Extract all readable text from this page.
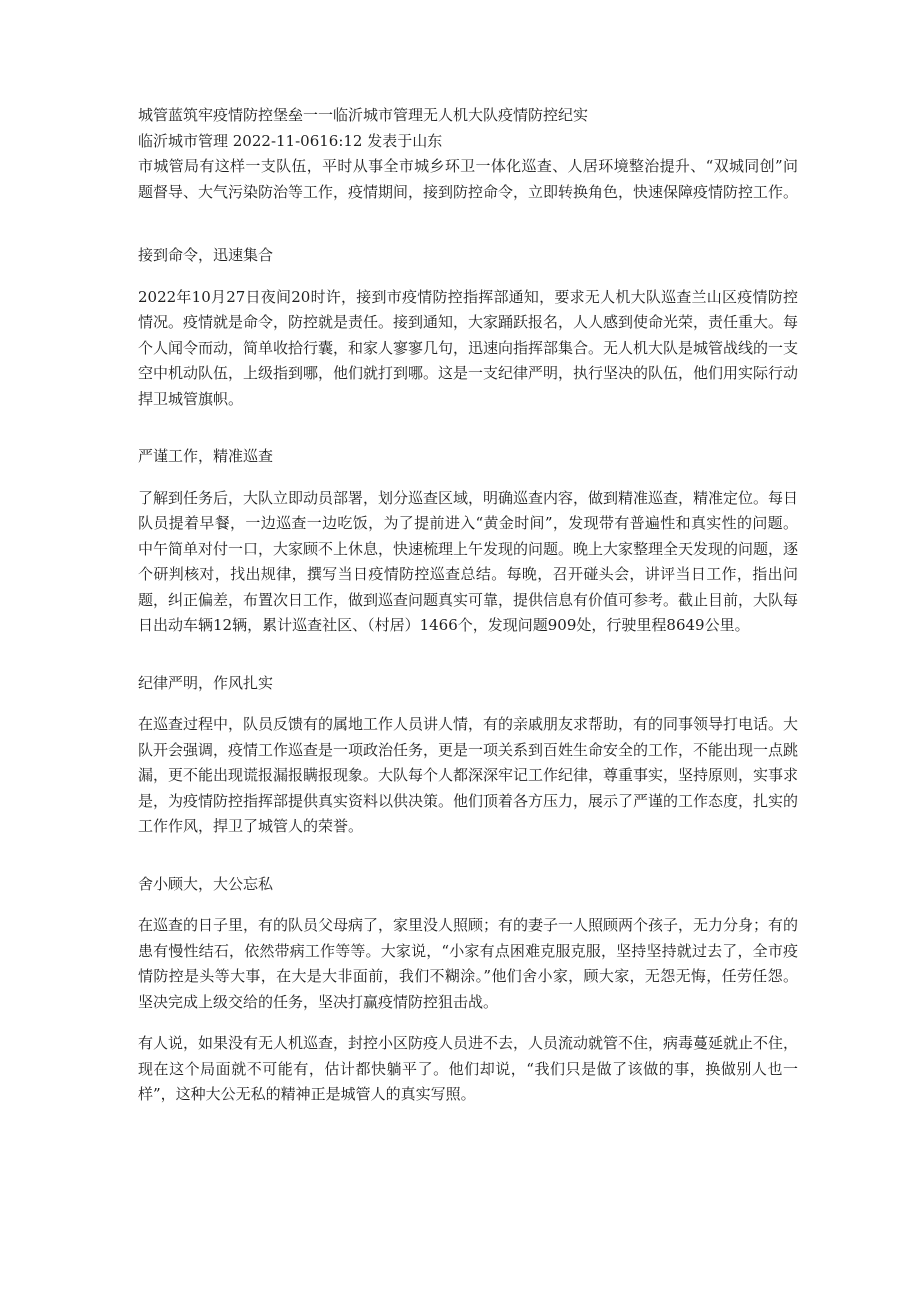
城管蓝筑牢疫情防控堡垒一一临沂城市管理无人机大队疫情防控纪实

临沂城市管理 2022-11-0616:12 发表于山东

市城管局有这样一支队伍，平时从事全市城乡环卫一体化巡查、人居环境整治提升、“双城同创”问题督导、大气污染防治等工作，疫情期间，接到防控命令，立即转换角色，快速保障疫情防控工作。

接到命令，迅速集合

2022年10月27日夜间20时许，接到市疫情防控指挥部通知，要求无人机大队巡查兰山区疫情防控情况。疫情就是命令，防控就是责任。接到通知，大家踊跃报名，人人感到使命光荣，责任重大。每个人闻令而动，简单收拾行囊，和家人寥寥几句，迅速向指挥部集合。无人机大队是城管战线的一支空中机动队伍，上级指到哪，他们就打到哪。这是一支纪律严明，执行坚决的队伍，他们用实际行动捍卫城管旗帜。

严谨工作，精准巡查

了解到任务后，大队立即动员部署，划分巡查区域，明确巡查内容，做到精准巡查，精准定位。每日队员提着早餐，一边巡查一边吃饭，为了提前进入“黄金时间”，发现带有普遍性和真实性的问题。中午简单对付一口，大家顾不上休息，快速梳理上午发现的问题。晚上大家整理全天发现的问题，逐个研判核对，找出规律，撰写当日疫情防控巡查总结。每晚，召开碰头会，讲评当日工作，指出问题，纠正偏差，布置次日工作，做到巡查问题真实可靠，提供信息有价值可参考。截止目前，大队每日出动车辆12辆，累计巡查社区、（村居）1466个，发现问题909处，行驶里程8649公里。

纪律严明，作风扎实

在巡查过程中，队员反馈有的属地工作人员讲人情，有的亲戚朋友求帮助，有的同事领导打电话。大队开会强调，疫情工作巡查是一项政治任务，更是一项关系到百姓生命安全的工作，不能出现一点跳漏，更不能出现谎报漏报瞒报现象。大队每个人都深深牢记工作纪律，尊重事实，坚持原则，实事求是，为疫情防控指挥部提供真实资料以供决策。他们顶着各方压力，展示了严谨的工作态度，扎实的工作作风，捍卫了城管人的荣誉。

舍小顾大，大公忘私

在巡查的日子里，有的队员父母病了，家里没人照顾；有的妻子一人照顾两个孩子，无力分身；有的患有慢性结石，依然带病工作等等。大家说，“小家有点困难克服克服，坚持坚持就过去了，全市疫情防控是头等大事，在大是大非面前，我们不糊涂。”他们舍小家，顾大家，无怨无悔，任劳任怨。坚决完成上级交给的任务，坚决打赢疫情防控狙击战。

有人说，如果没有无人机巡查，封控小区防疫人员进不去，人员流动就管不住，病毒蔓延就止不住，现在这个局面就不可能有，估计都快躺平了。他们却说，“我们只是做了该做的事，换做别人也一样”，这种大公无私的精神正是城管人的真实写照。
